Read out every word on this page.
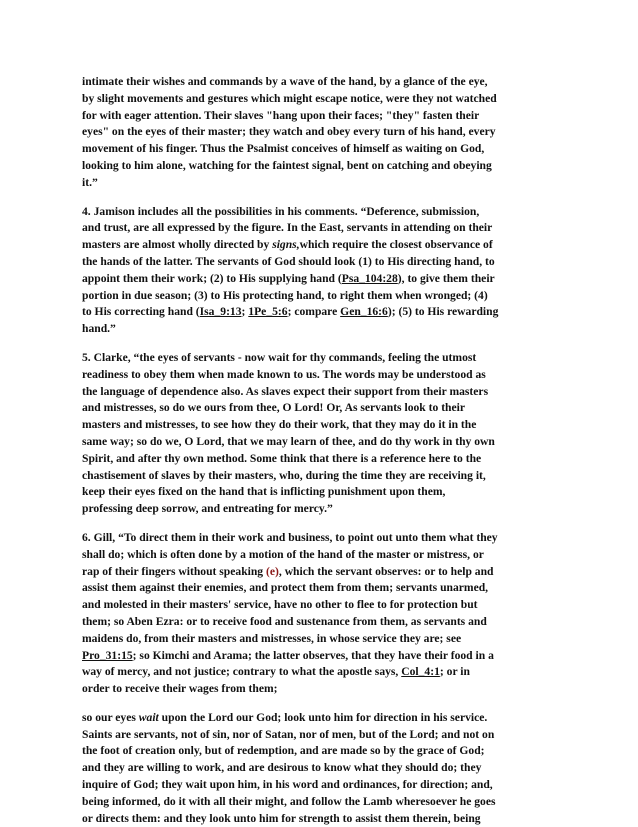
intimate their wishes and commands by a wave of the hand, by a glance of the eye,
by slight movements and gestures which might escape notice, were they not watched
for with eager attention. Their slaves "hang upon their faces; "they" fasten their
eyes" on the eyes of their master; they watch and obey every turn of his hand, every
movement of his finger. Thus the Psalmist conceives of himself as waiting on God,
looking to him alone, watching for the faintest signal, bent on catching and obeying
it.”

4. Jamison includes all the possibilities in his comments. “Deference, submission,
and trust, are all expressed by the figure. In the East, servants in attending on their
masters are almost wholly directed by signs,which require the closest observance of
the hands of the latter. The servants of God should look (1) to His directing hand, to
appoint them their work; (2) to His supplying hand (Psa_104:28), to give them their
portion in due season; (3) to His protecting hand, to right them when wronged; (4)
to His correcting hand (Isa_9:13; 1Pe_5:6; compare Gen_16:6); (5) to His rewarding
hand.”

5. Clarke, “the eyes of servants - now wait for thy commands, feeling the utmost
readiness to obey them when made known to us. The words may be understood as
the language of dependence also. As slaves expect their support from their masters
and mistresses, so do we ours from thee, O Lord! Or, As servants look to their
masters and mistresses, to see how they do their work, that they may do it in the
same way; so do we, O Lord, that we may learn of thee, and do thy work in thy own
Spirit, and after thy own method. Some think that there is a reference here to the
chastisement of slaves by their masters, who, during the time they are receiving it,
keep their eyes fixed on the hand that is inflicting punishment upon them,
professing deep sorrow, and entreating for mercy.”

6. Gill, “To direct them in their work and business, to point out unto them what they
shall do; which is often done by a motion of the hand of the master or mistress, or
rap of their fingers without speaking (e), which the servant observes: or to help and
assist them against their enemies, and protect them from them; servants unarmed,
and molested in their masters' service, have no other to flee to for protection but
them; so Aben Ezra: or to receive food and sustenance from them, as servants and
maidens do, from their masters and mistresses, in whose service they are; see
Pro_31:15; so Kimchi and Arama; the latter observes, that they have their food in a
way of mercy, and not justice; contrary to what the apostle says, Col_4:1; or in
order to receive their wages from them;

so our eyes wait upon the Lord our God; look unto him for direction in his service.
Saints are servants, not of sin, nor of Satan, nor of men, but of the Lord; and not on
the foot of creation only, but of redemption, and are made so by the grace of God;
and they are willing to work, and are desirous to know what they should do; they
inquire of God; they wait upon him, in his word and ordinances, for direction; and,
being informed, do it with all their might, and follow the Lamb wheresoever he goes
or directs them: and they look unto him for strength to assist them therein, being
